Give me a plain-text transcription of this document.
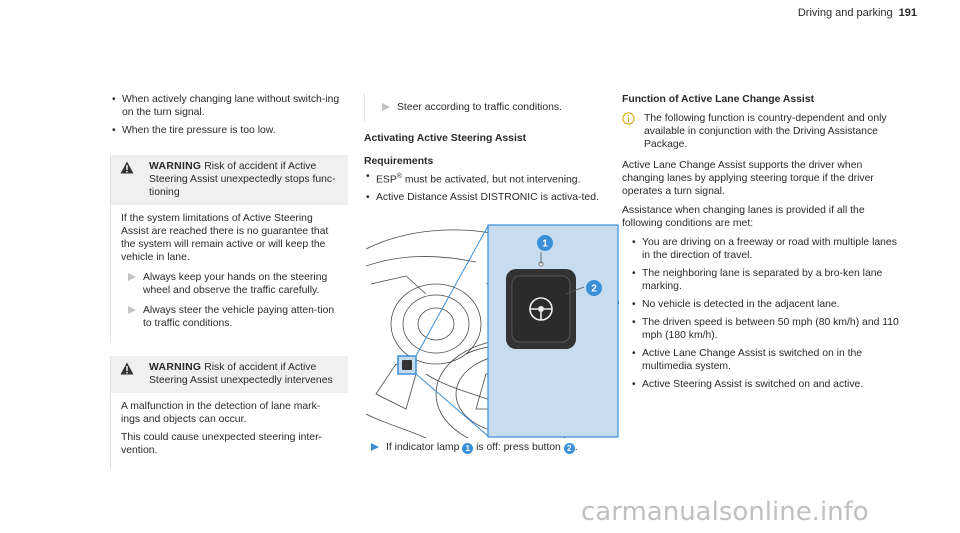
Driving and parking 191
• When actively changing lane without switch-ing on the turn signal.
• When the tire pressure is too low.
WARNING Risk of accident if Active Steering Assist unexpectedly stops func-tioning

If the system limitations of Active Steering Assist are reached there is no guarantee that the system will remain active or will keep the vehicle in lane.

Always keep your hands on the steering wheel and observe the traffic carefully.
Always steer the vehicle paying atten-tion to traffic conditions.
WARNING Risk of accident if Active Steering Assist unexpectedly intervenes

A malfunction in the detection of lane mark-ings and objects can occur.

This could cause unexpected steering inter-vention.

Steer according to traffic conditions.
Activating Active Steering Assist
Requirements
• ESP® must be activated, but not intervening.
• Active Distance Assist DISTRONIC is activa-ted.
1
2
If indicator lamp 1 is off: press button 2 .
Function of Active Lane Change Assist
The following function is country-dependent and only available in conjunction with the Driving Assistance Package.

Active Lane Change Assist supports the driver when changing lanes by applying steering torque if the driver operates a turn signal.

Assistance when changing lanes is provided if all the following conditions are met:

• You are driving on a freeway or road with multiple lanes in the direction of travel.
• The neighboring lane is separated by a bro-ken lane marking.
• No vehicle is detected in the adjacent lane.
• The driven speed is between 50 mph (80 km/h) and 110 mph (180 km/h).
• Active Lane Change Assist is switched on in the multimedia system.
• Active Steering Assist is switched on and active.
carmanualsonline.info
